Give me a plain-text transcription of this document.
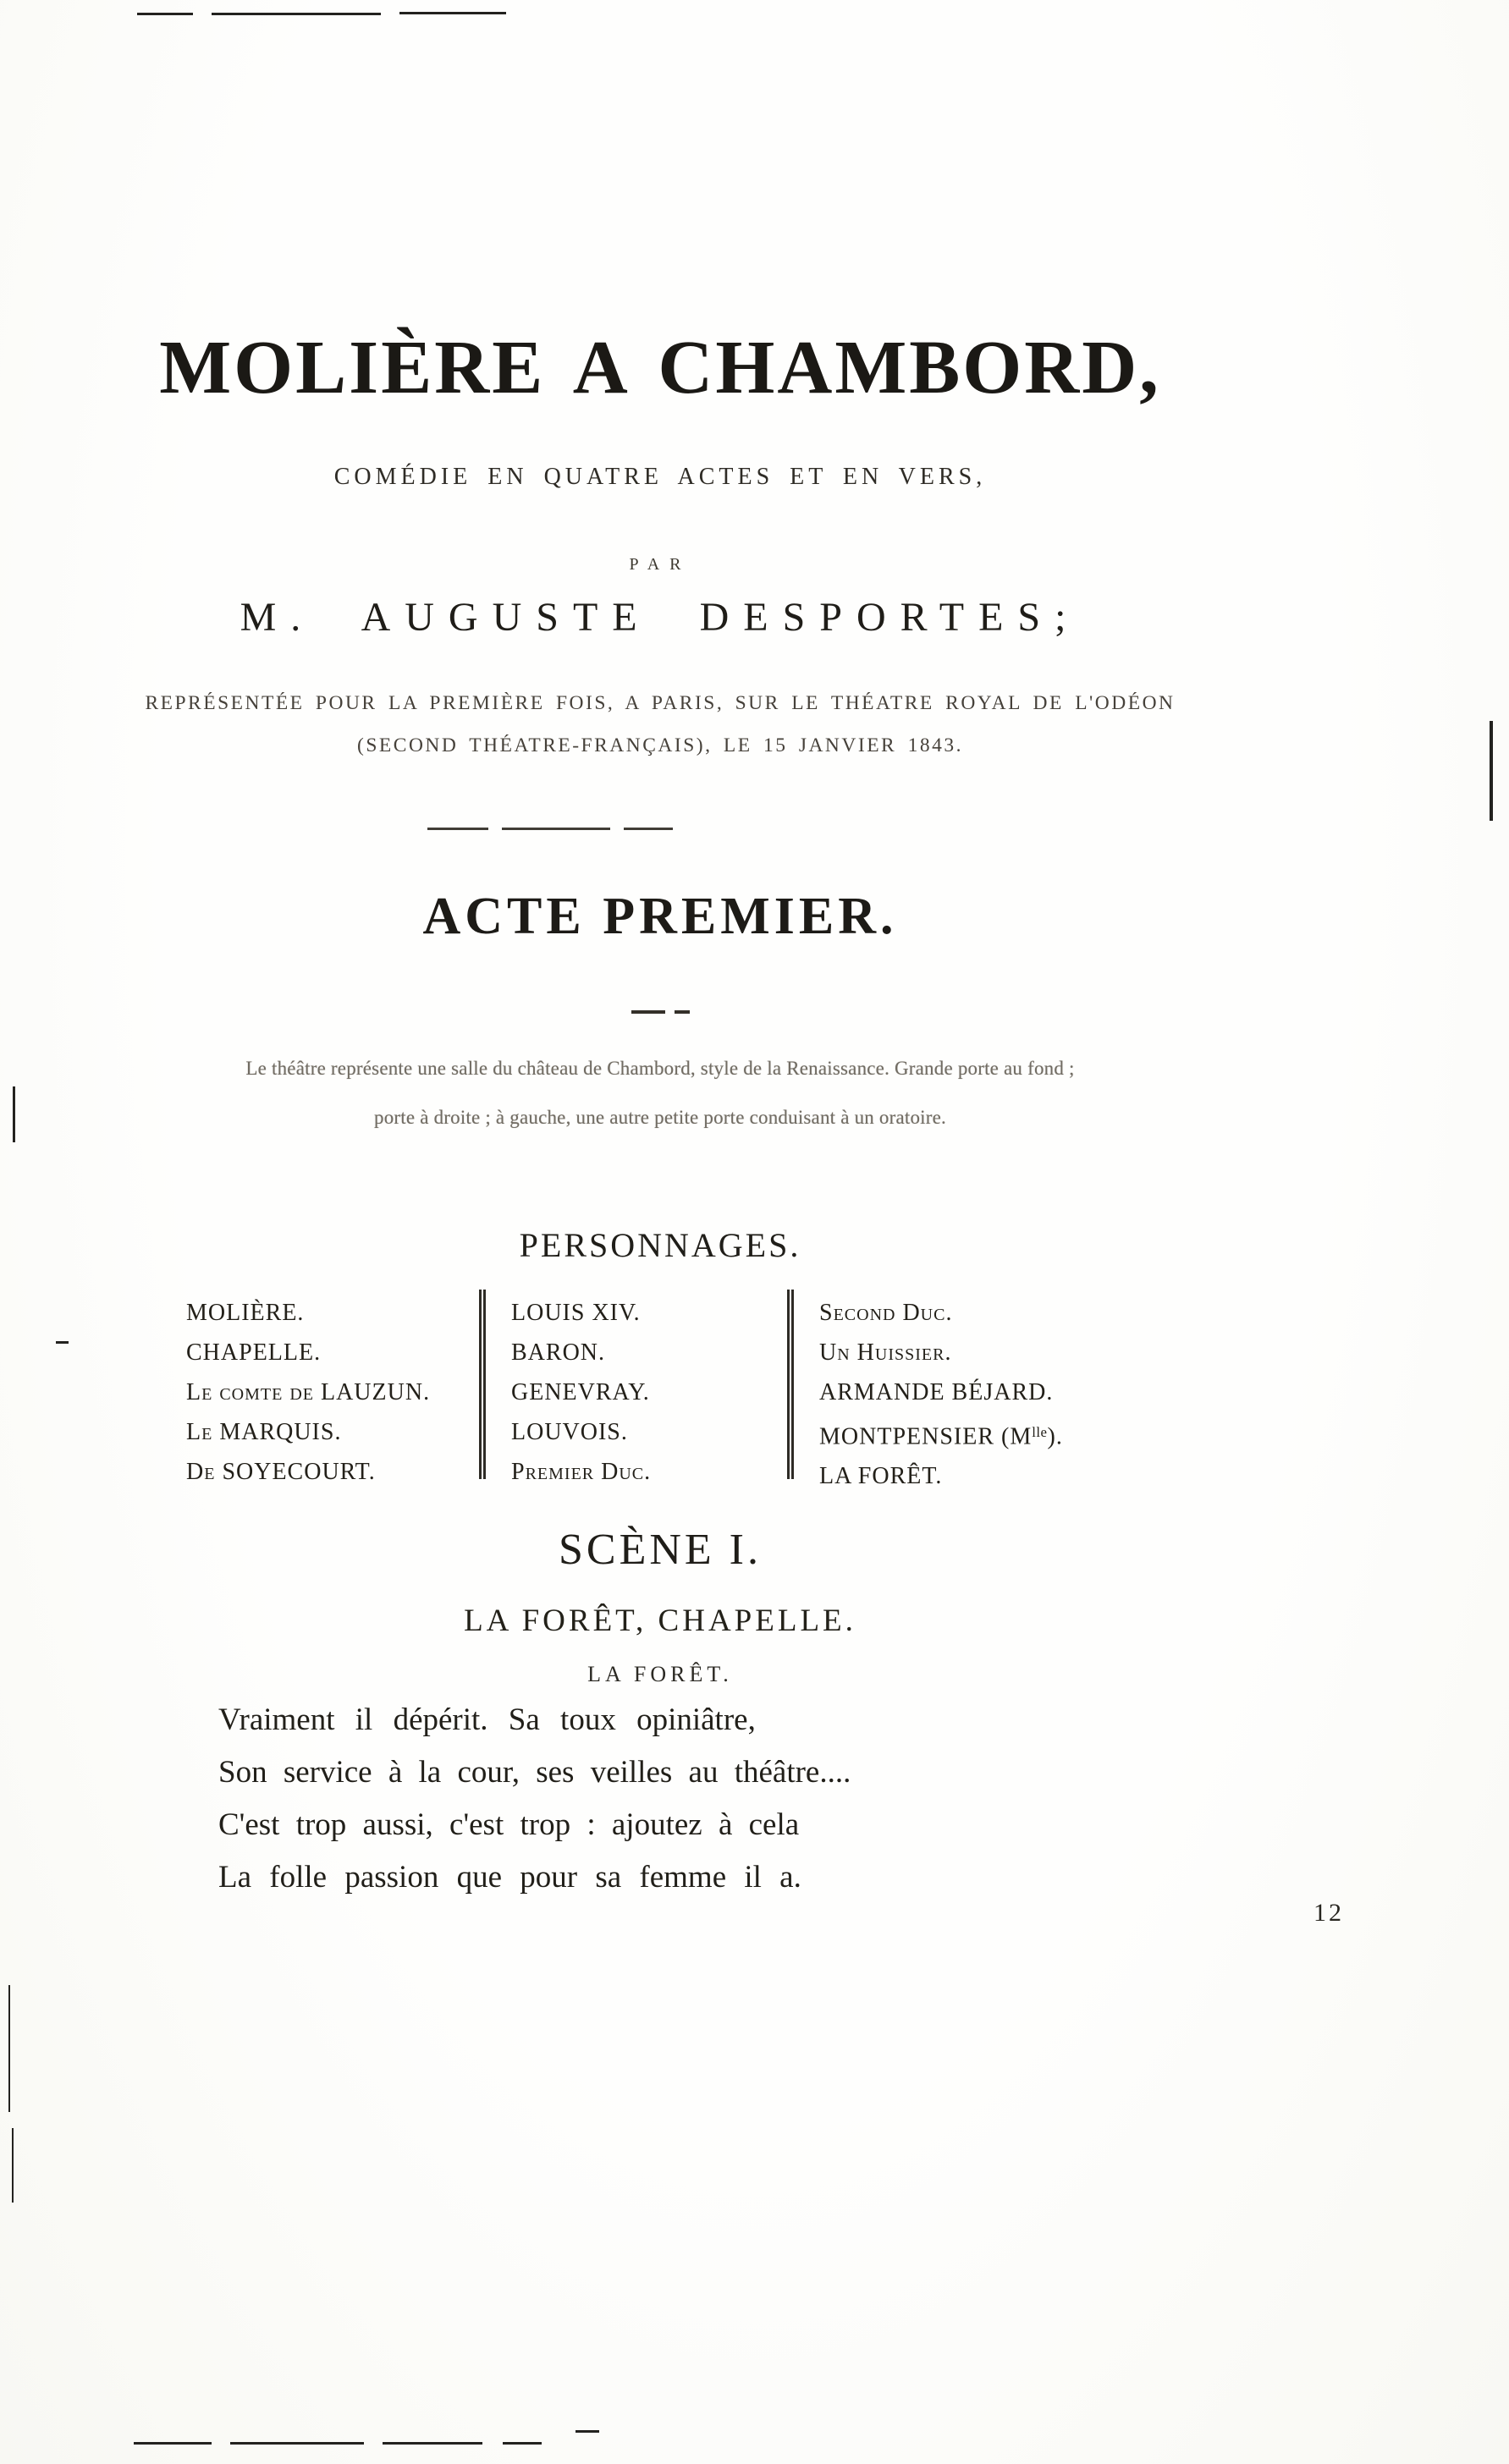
MOLIÈRE A CHAMBORD,
COMÉDIE EN QUATRE ACTES ET EN VERS,
PAR
M. AUGUSTE DESPORTES;
REPRÉSENTÉE POUR LA PREMIÈRE FOIS, A PARIS, SUR LE THÉATRE ROYAL DE L'ODÉON
(SECOND THÉATRE-FRANÇAIS), LE 15 JANVIER 1843.
ACTE PREMIER.
Le théâtre représente une salle du château de Chambord, style de la Renaissance. Grande porte au fond ;
porte à droite ; à gauche, une autre petite porte conduisant à un oratoire.
PERSONNAGES.
SCÈNE I.
LA FORÊT, CHAPELLE.
LA FORÊT.
MOLIÈRE.
CHAPELLE.
Le comte de LAUZUN.
Le MARQUIS.
De SOYECOURT.
LOUIS XIV.
BARON.
GENEVRAY.
LOUVOIS.
Premier Duc.
Second Duc.
Un Huissier.
ARMANDE BÉJARD.
MONTPENSIER $(M^{lle})$.
LA FORÊT.
Vraiment il dépérit. Sa toux opiniâtre,
Son service à la cour, ses veilles au théâtre....
C'est trop aussi, c'est trop : ajoutez à cela
La folle passion que pour sa femme il a.
12
